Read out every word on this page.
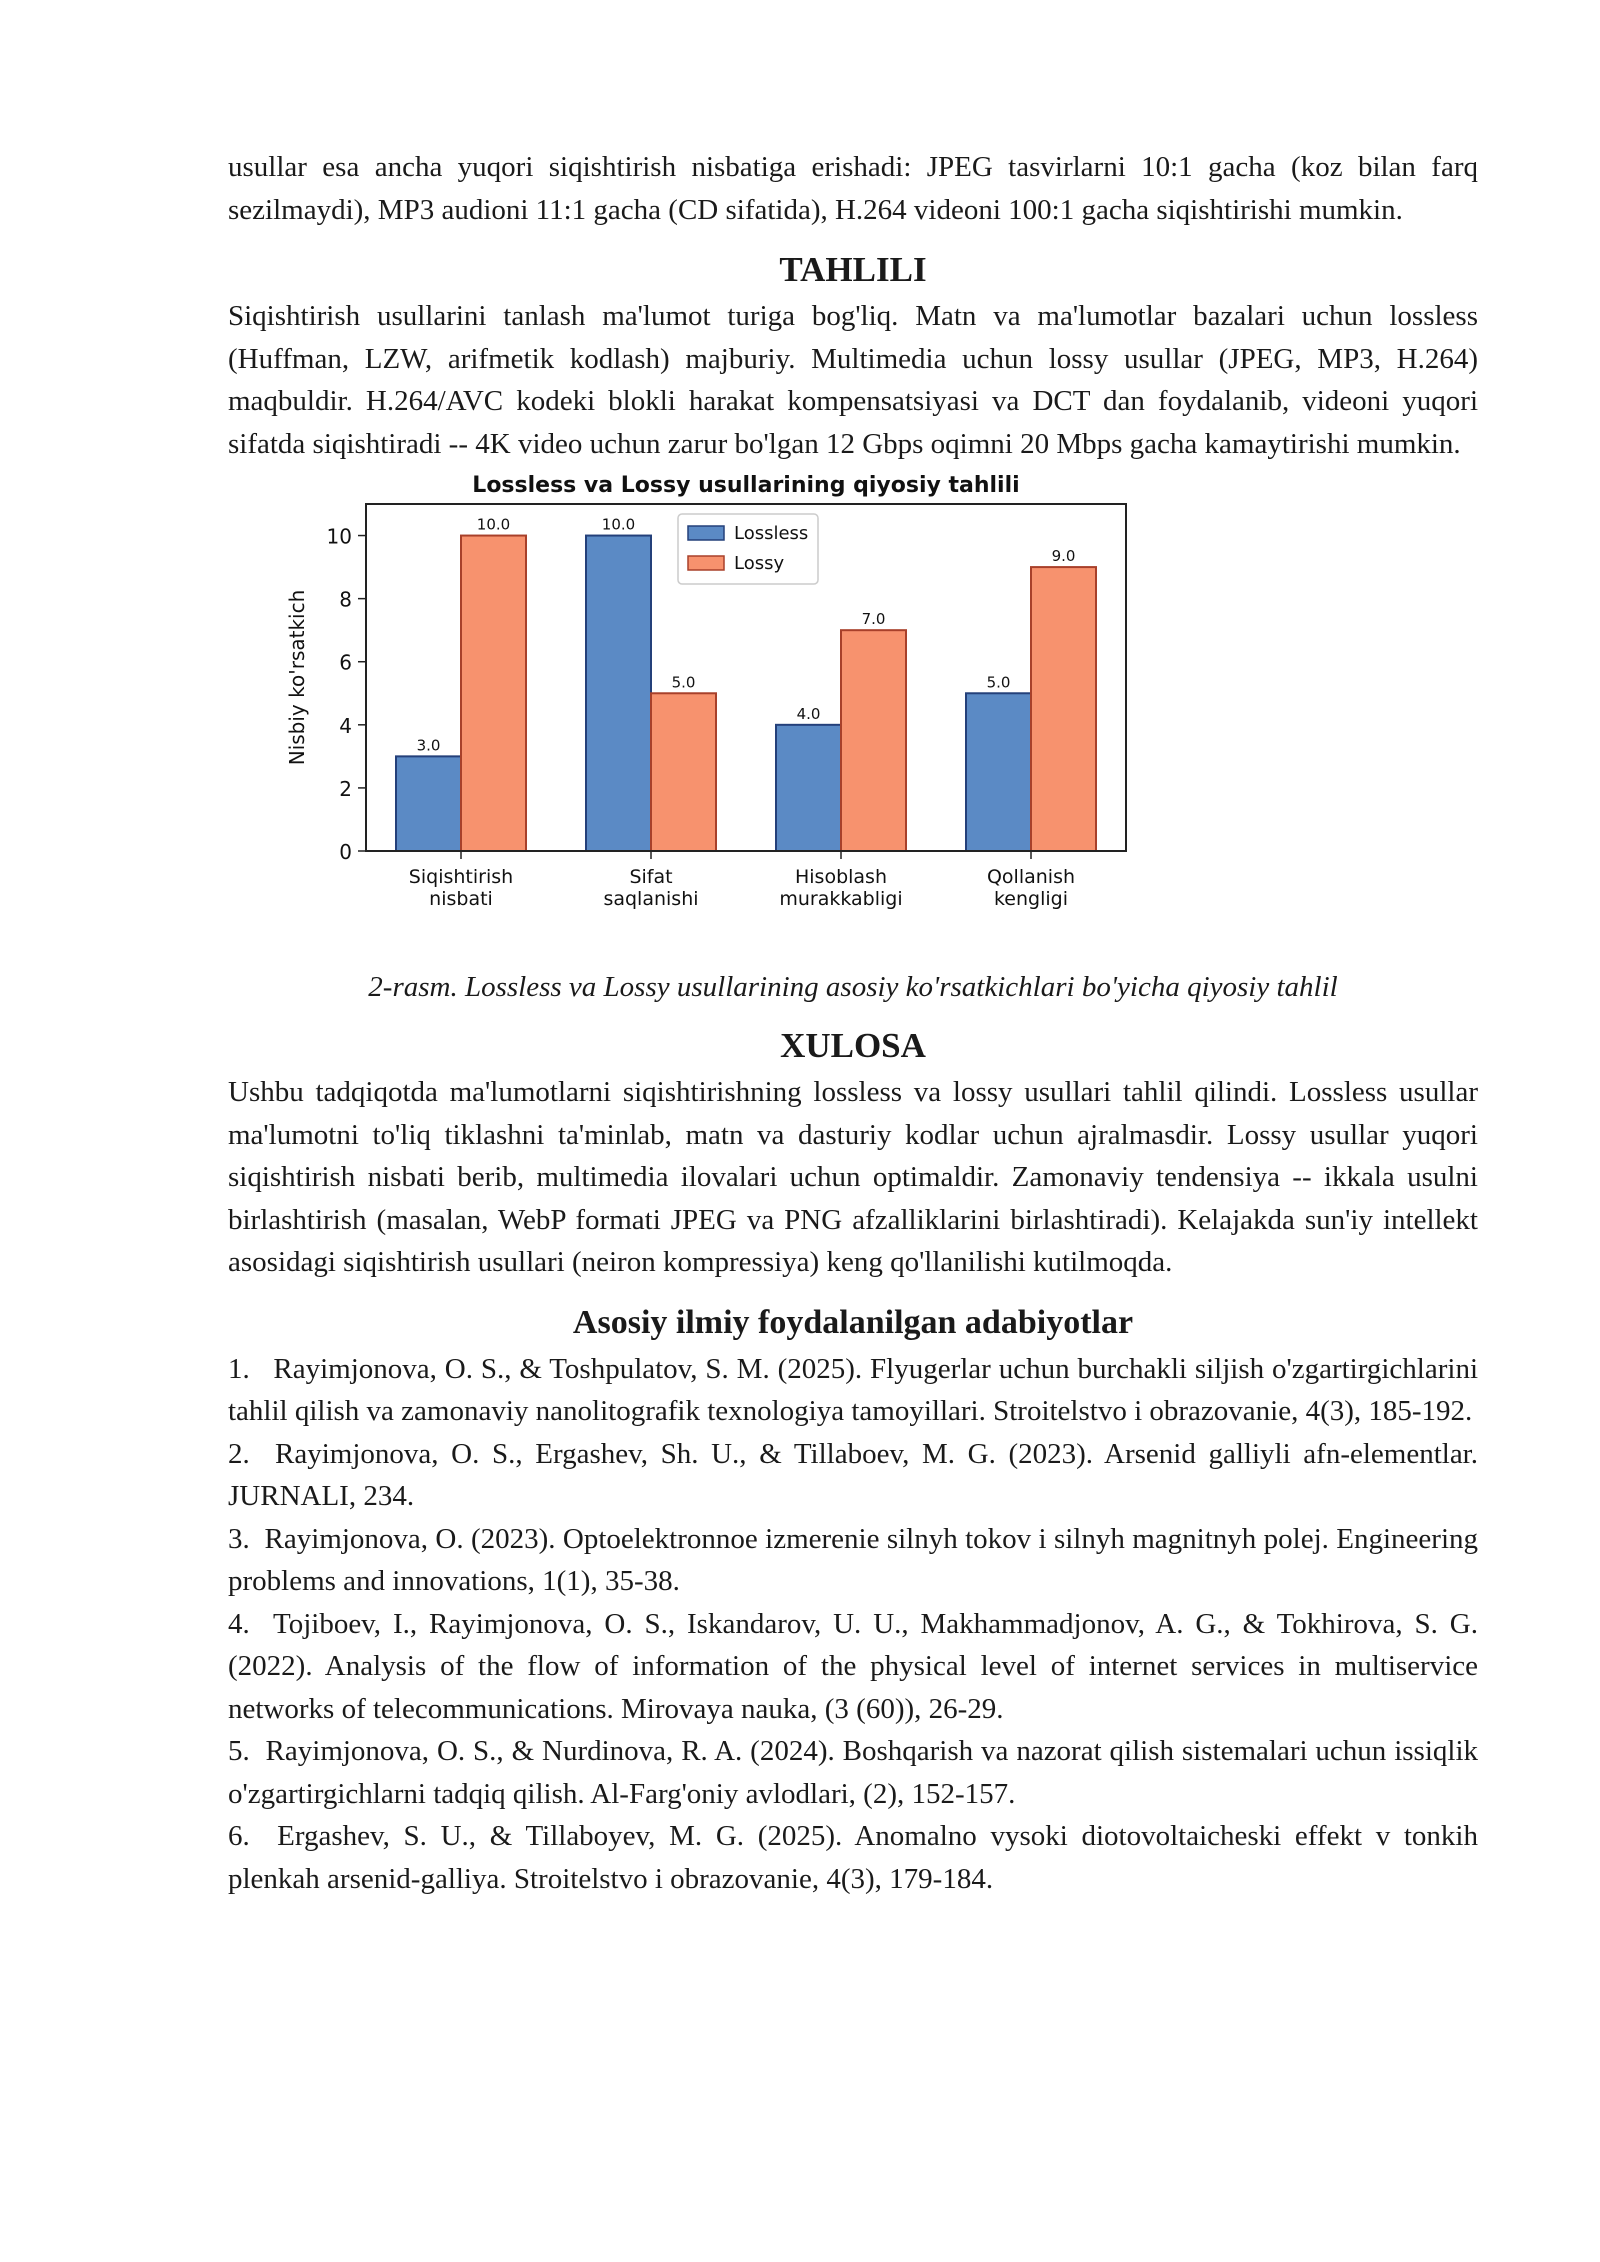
usullar esa ancha yuqori siqishtirish nisbatiga erishadi: JPEG tasvirlarni 10:1 gacha (koz bilan farq sezilmaydi), MP3 audioni 11:1 gacha (CD sifatida), H.264 videoni 100:1 gacha siqishtirishi mumkin.

TAHLILI

Siqishtirish usullarini tanlash ma'lumot turiga bog'liq. Matn va ma'lumotlar bazalari uchun lossless (Huffman, LZW, arifmetik kodlash) majburiy. Multimedia uchun lossy usullar (JPEG, MP3, H.264) maqbuldir. H.264/AVC kodeki blokli harakat kompensatsiyasi va DCT dan foydalanib, videoni yuqori sifatda siqishtiradi -- 4K video uchun zarur bo'lgan 12 Gbps oqimni 20 Mbps gacha kamaytirishi mumkin.

Lossless va Lossy usullarining qiyosiy tahlili
0
2
4
6
8
10
Nisbiy ko'rsatkich	3.0
10.0
Siqishtirish
nisbati
10.0
5.0
Sifat
saqlanishi
4.0
7.0
Hisoblash
murakkabligi
5.0
9.0
Qollanish
kengligi
Lossless
Lossy

2-rasm. Lossless va Lossy usullarining asosiy ko'rsatkichlari bo'yicha qiyosiy tahlil

XULOSA

Ushbu tadqiqotda ma'lumotlarni siqishtirishning lossless va lossy usullari tahlil qilindi. Lossless usullar ma'lumotni to'liq tiklashni ta'minlab, matn va dasturiy kodlar uchun ajralmasdir. Lossy usullar yuqori siqishtirish nisbati berib, multimedia ilovalari uchun optimaldir. Zamonaviy tendensiya -- ikkala usulni birlashtirish (masalan, WebP formati JPEG va PNG afzalliklarini birlashtiradi). Kelajakda sun'iy intellekt asosidagi siqishtirish usullari (neiron kompressiya) keng qo'llanilishi kutilmoqda.

Asosiy ilmiy foydalanilgan adabiyotlar

1.   Rayimjonova, O. S., & Toshpulatov, S. M. (2025). Flyugerlar uchun burchakli siljish o'zgartirgichlarini tahlil qilish va zamonaviy nanolitografik texnologiya tamoyillari. Stroitelstvo i obrazovanie, 4(3), 185-192.

2.  Rayimjonova, O. S., Ergashev, Sh. U., & Tillaboev, M. G. (2023). Arsenid galliyli afn-elementlar. JURNALI, 234.

3.  Rayimjonova, O. (2023). Optoelektronnoe izmerenie silnyh tokov i silnyh magnitnyh polej. Engineering problems and innovations, 1(1), 35-38.

4.  Tojiboev, I., Rayimjonova, O. S., Iskandarov, U. U., Makhammadjonov, A. G., & Tokhirova, S. G. (2022). Analysis of the flow of information of the physical level of internet services in multiservice networks of telecommunications. Mirovaya nauka, (3 (60)), 26-29.

5.  Rayimjonova, O. S., & Nurdinova, R. A. (2024). Boshqarish va nazorat qilish sistemalari uchun issiqlik o'zgartirgichlarni tadqiq qilish. Al-Farg'oniy avlodlari, (2), 152-157.

6.  Ergashev, S. U., & Tillaboyev, M. G. (2025). Anomalno vysoki diotovoltaicheski effekt v tonkih plenkah arsenid-galliya. Stroitelstvo i obrazovanie, 4(3), 179-184.
